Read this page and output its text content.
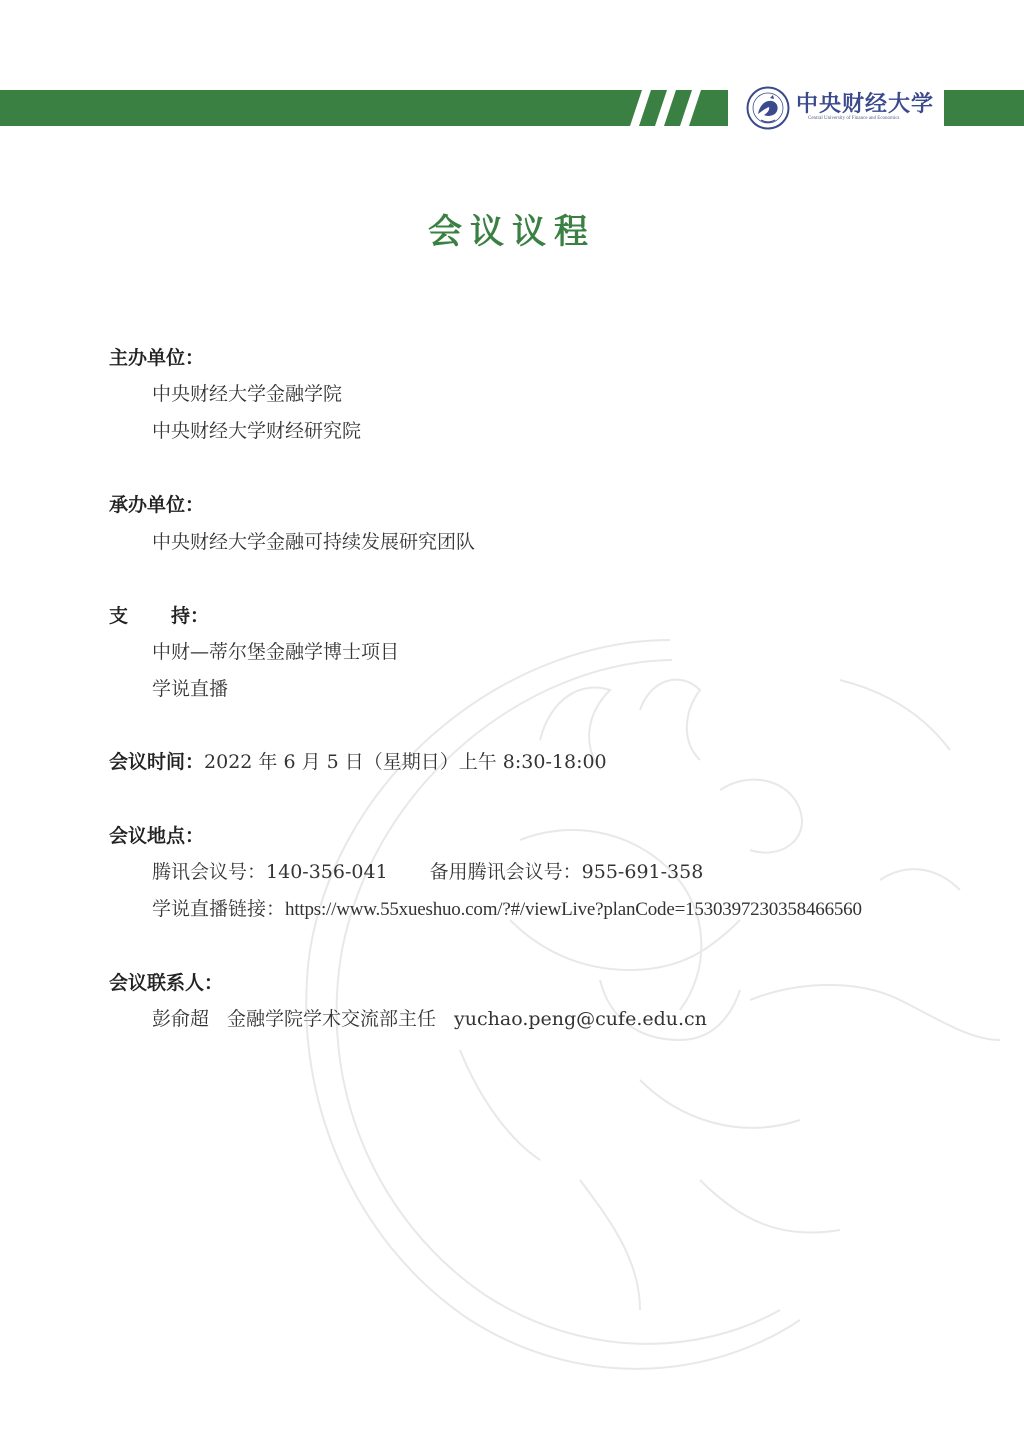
中央财经大学
Central University of Finance and Economics
会议议程
主办单位：
中央财经大学金融学院
中央财经大学财经研究院
承办单位：
中央财经大学金融可持续发展研究团队
支 持：
中财—蒂尔堡金融学博士项目
学说直播
会议时间：2022 年 6 月 5 日（星期日）上午 8:30-18:00
会议地点：
腾讯会议号：140-356-041 备用腾讯会议号：955-691-358
学说直播链接：https://www.55xueshuo.com/?#/viewLive?planCode=1530397230358466560
会议联系人：
彭俞超 金融学院学术交流部主任 yuchao.peng@cufe.edu.cn
